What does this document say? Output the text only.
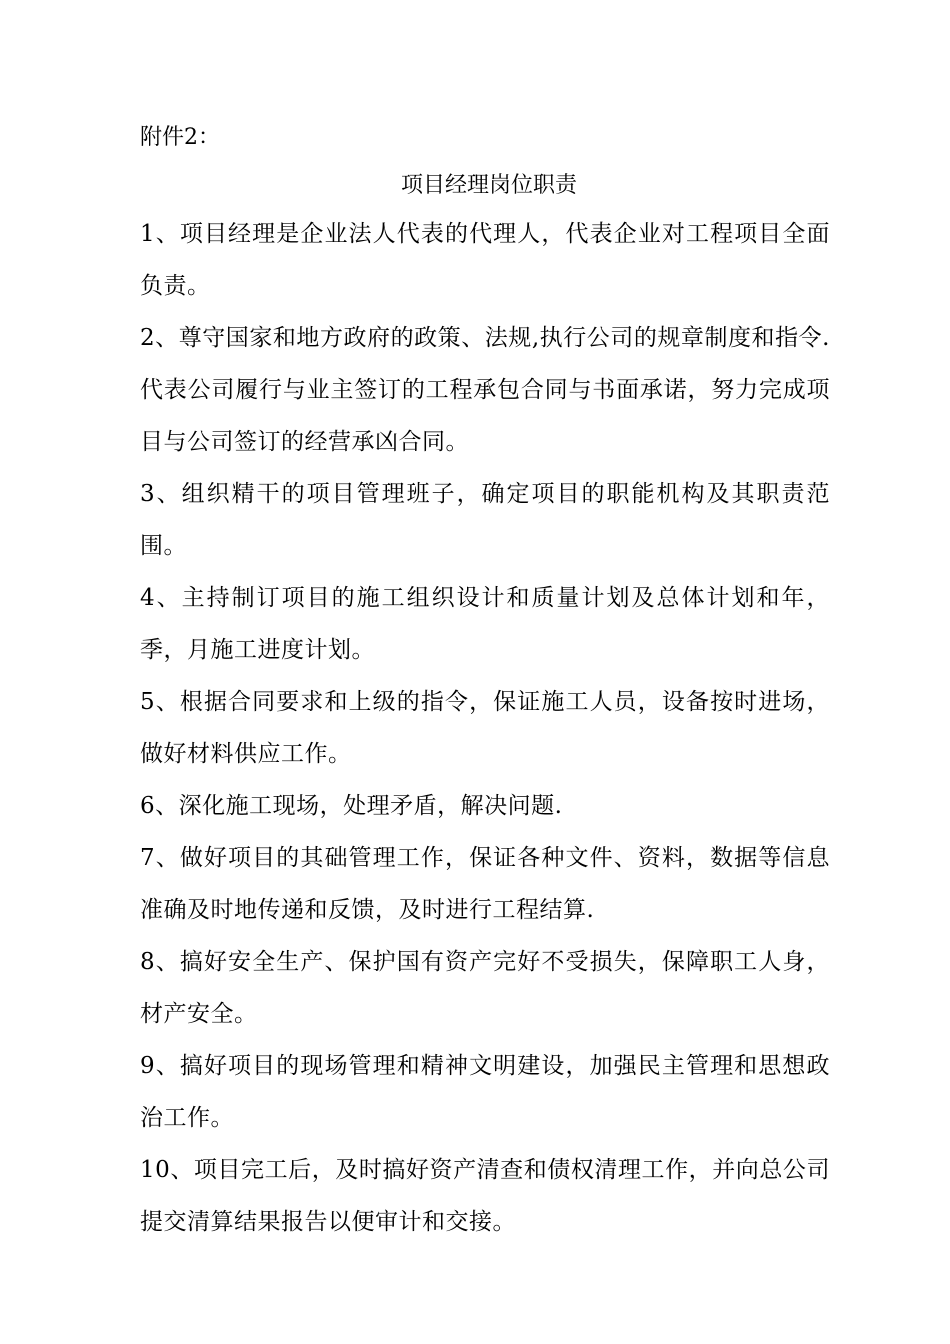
附件2：

项目经理岗位职责

1、项目经理是企业法人代表的代理人，代表企业对工程项目全面负责。

2、尊守国家和地方政府的政策、法规,执行公司的规章制度和指令.代表公司履行与业主签订的工程承包合同与书面承诺，努力完成项目与公司签订的经营承凶合同。

3、组织精干的项目管理班子，确定项目的职能机构及其职责范围。

4、主持制订项目的施工组织设计和质量计划及总体计划和年，季，月施工进度计划。

5、根据合同要求和上级的指令，保证施工人员，设备按时进场，做好材料供应工作。

6、深化施工现场，处理矛盾，解决问题.

7、做好项目的其础管理工作，保证各种文件、资料，数据等信息准确及时地传递和反馈，及时进行工程结算.

8、搞好安全生产、保护国有资产完好不受损失，保障职工人身，材产安全。

9、搞好项目的现场管理和精神文明建设，加强民主管理和思想政治工作。

10、项目完工后，及时搞好资产清查和债权清理工作，并向总公司提交清算结果报告以便审计和交接。
